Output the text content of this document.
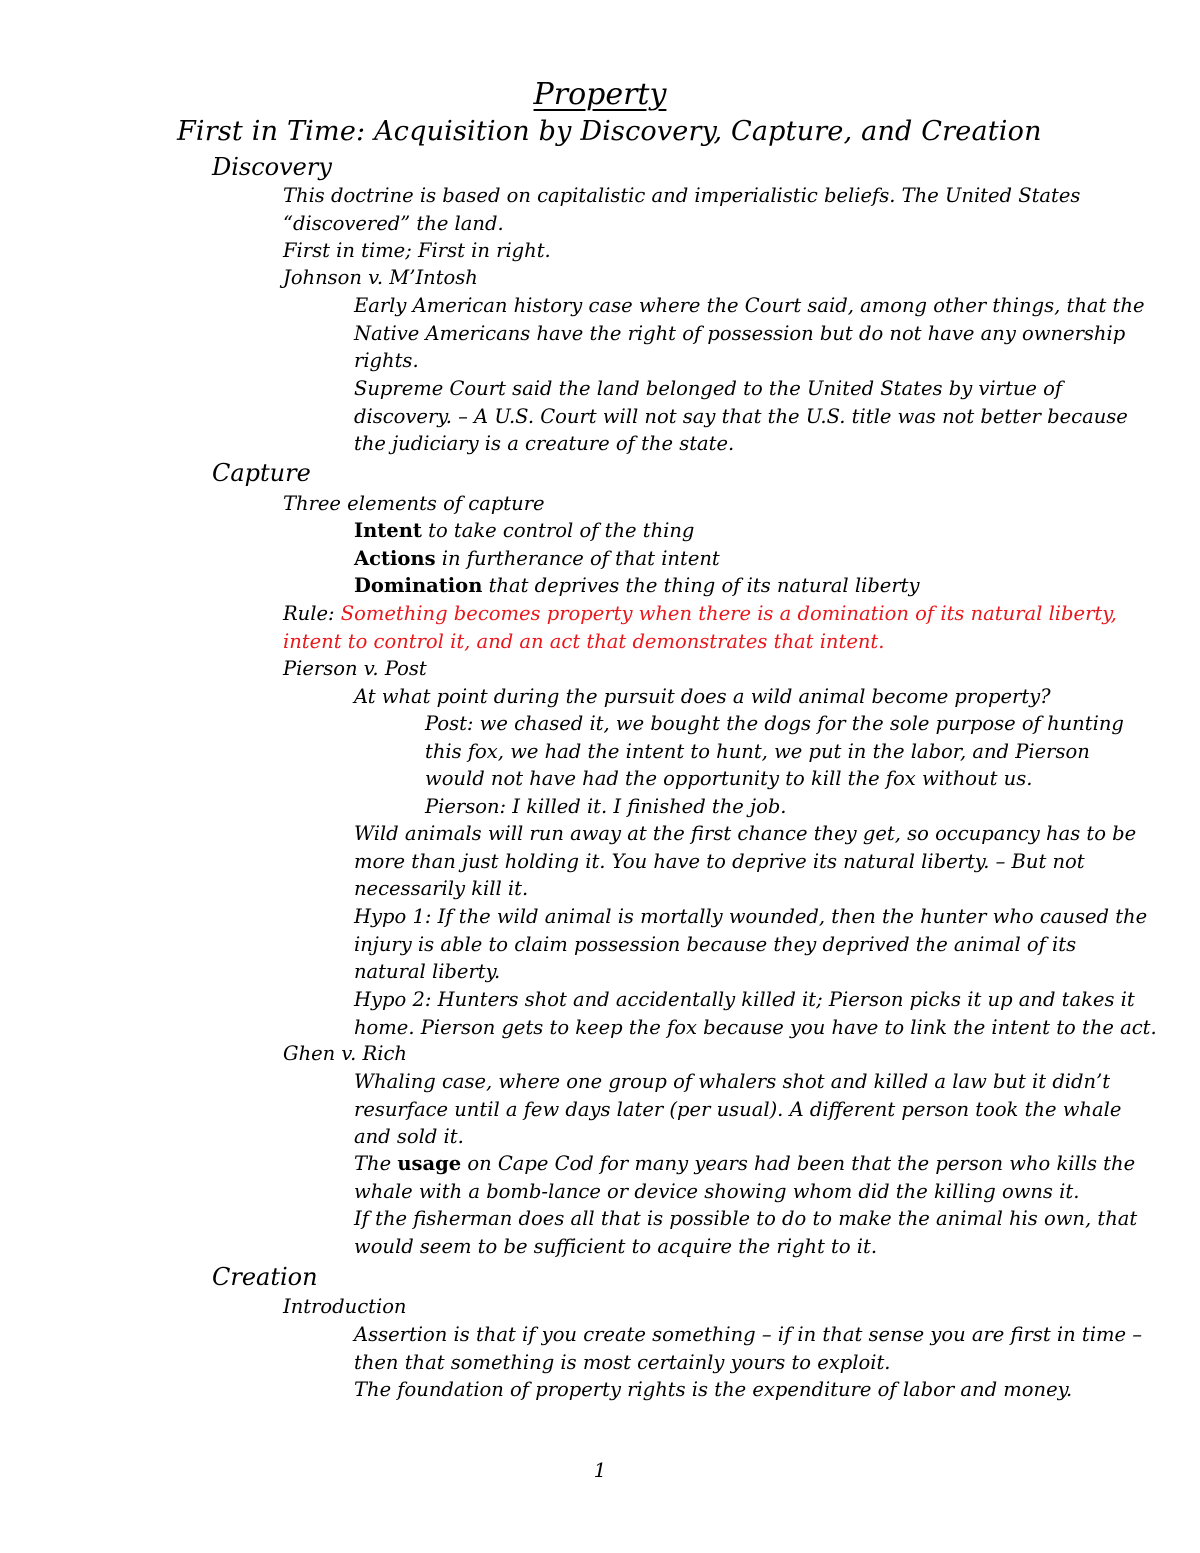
Property
First in Time: Acquisition by Discovery, Capture, and Creation
Discovery
This doctrine is based on capitalistic and imperialistic beliefs. The United States
“discovered” the land.
First in time; First in right.
Johnson v. M’Intosh
Early American history case where the Court said, among other things, that the
Native Americans have the right of possession but do not have any ownership
rights.
Supreme Court said the land belonged to the United States by virtue of
discovery. – A U.S. Court will not say that the U.S. title was not better because
the judiciary is a creature of the state.
Capture
Three elements of capture
Intent to take control of the thing
Actions in furtherance of that intent
Domination that deprives the thing of its natural liberty
Rule: Something becomes property when there is a domination of its natural liberty,
intent to control it, and an act that demonstrates that intent.
Pierson v. Post
At what point during the pursuit does a wild animal become property?
Post: we chased it, we bought the dogs for the sole purpose of hunting
this fox, we had the intent to hunt, we put in the labor, and Pierson
would not have had the opportunity to kill the fox without us.
Pierson: I killed it. I finished the job.
Wild animals will run away at the first chance they get, so occupancy has to be
more than just holding it. You have to deprive its natural liberty. – But not
necessarily kill it.
Hypo 1: If the wild animal is mortally wounded, then the hunter who caused the
injury is able to claim possession because they deprived the animal of its
natural liberty.
Hypo 2: Hunters shot and accidentally killed it; Pierson picks it up and takes it
home. Pierson gets to keep the fox because you have to link the intent to the act.
Ghen v. Rich
Whaling case, where one group of whalers shot and killed a law but it didn’t
resurface until a few days later (per usual). A different person took the whale
and sold it.
The usage on Cape Cod for many years had been that the person who kills the
whale with a bomb-lance or device showing whom did the killing owns it.
If the fisherman does all that is possible to do to make the animal his own, that
would seem to be sufficient to acquire the right to it.
Creation
Introduction
Assertion is that if you create something – if in that sense you are first in time –
then that something is most certainly yours to exploit.
The foundation of property rights is the expenditure of labor and money.
1
